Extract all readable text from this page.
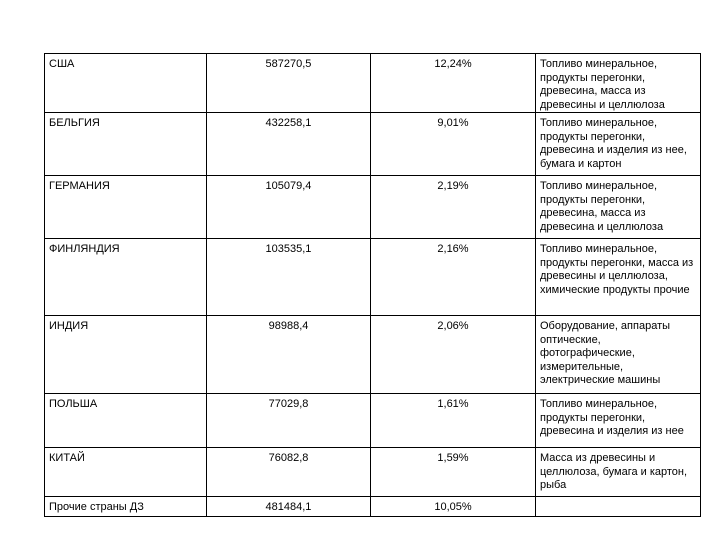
США	587270,5	12,24%	Топливо минеральное, продукты перегонки, древесина, масса из древесины и целлюлоза
БЕЛЬГИЯ	432258,1	9,01%	Топливо минеральное, продукты перегонки, древесина и изделия из нее, бумага и картон
ГЕРМАНИЯ	105079,4	2,19%	Топливо минеральное, продукты перегонки, древесина, масса из древесина и целлюлоза
ФИНЛЯНДИЯ	103535,1	2,16%	Топливо минеральное, продукты перегонки, масса из древесины и целлюлоза, химические продукты прочие
ИНДИЯ	98988,4	2,06%	Оборудование, аппараты оптические, фотографические, измерительные, электрические машины
ПОЛЬША	77029,8	1,61%	Топливо минеральное, продукты перегонки, древесина и изделия из нее
КИТАЙ	76082,8	1,59%	Масса из древесины и целлюлоза, бумага и картон, рыба
Прочие страны ДЗ	481484,1	10,05%	
